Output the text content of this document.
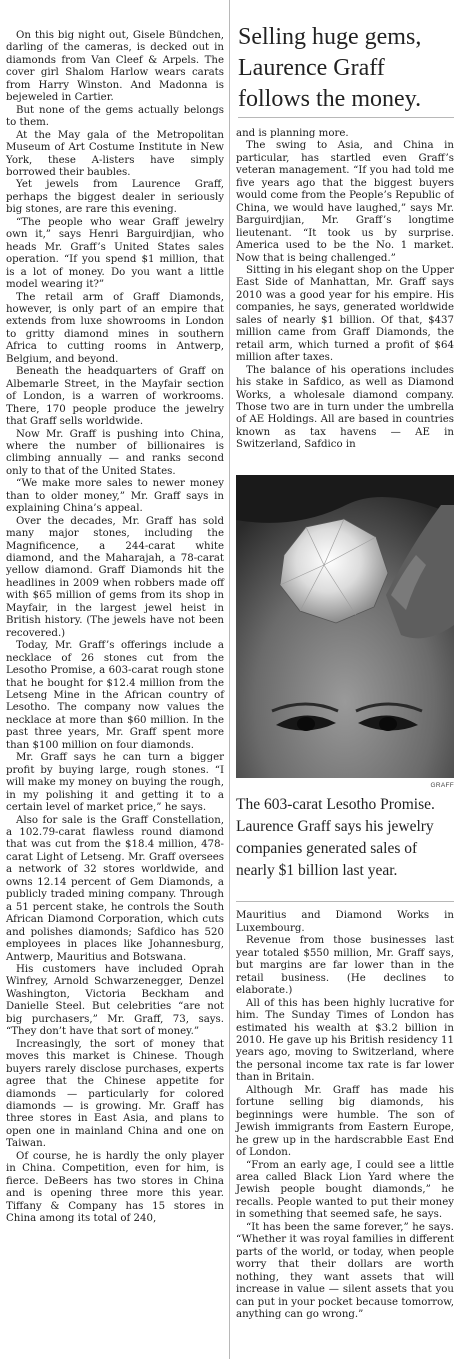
On this big night out, Gisele Bündchen, darling of the cameras, is decked out in diamonds from Van Cleef & Arpels. The cover girl Shalom Harlow wears carats from Harry Winston. And Madonna is bejeweled in Cartier.

But none of the gems actually belongs to them.

At the May gala of the Metropolitan Museum of Art Costume Institute in New York, these A-listers have simply borrowed their baubles.

Yet jewels from Laurence Graff, perhaps the biggest dealer in seriously big stones, are rare this evening.

“The people who wear Graff jewelry own it,” says Henri Barguirdjian, who heads Mr. Graff’s United States sales operation. “If you spend $1 million, that is a lot of money. Do you want a little model wearing it?”

The retail arm of Graff Diamonds, however, is only part of an empire that extends from luxe showrooms in London to gritty diamond mines in southern Africa to cutting rooms in Antwerp, Belgium, and beyond.

Beneath the headquarters of Graff on Albemarle Street, in the Mayfair section of London, is a warren of workrooms. There, 170 people produce the jewelry that Graff sells worldwide.

Now Mr. Graff is pushing into China, where the number of billionaires is climbing annually — and ranks second only to that of the United States.

“We make more sales to newer money than to older money,” Mr. Graff says in explaining China’s appeal.

Over the decades, Mr. Graff has sold many major stones, including the Magnificence, a 244-carat white diamond, and the Maharajah, a 78-carat yellow diamond. Graff Diamonds hit the headlines in 2009 when robbers made off with $65 million of gems from its shop in Mayfair, in the largest jewel heist in British history. (The jewels have not been recovered.)

Today, Mr. Graff’s offerings include a necklace of 26 stones cut from the Lesotho Promise, a 603-carat rough stone that he bought for $12.4 million from the Letseng Mine in the African country of Lesotho. The company now values the necklace at more than $60 million. In the past three years, Mr. Graff spent more than $100 million on four diamonds.

Mr. Graff says he can turn a bigger profit by buying large, rough stones. “I will make my money on buying the rough, in my polishing it and getting it to a certain level of market price,” he says.

Also for sale is the Graff Constellation, a 102.79-carat flawless round diamond that was cut from the $18.4 million, 478-carat Light of Letseng. Mr. Graff oversees a network of 32 stores worldwide, and owns 12.14 percent of Gem Diamonds, a publicly traded mining company. Through a 51 percent stake, he controls the South African Diamond Corporation, which cuts and polishes diamonds; Safdico has 520 employees in places like Johannesburg, Antwerp, Mauritius and Botswana.

His customers have included Oprah Winfrey, Arnold Schwarzenegger, Denzel Washington, Victoria Beckham and Danielle Steel. But celebrities “are not big purchasers,” Mr. Graff, 73, says. “They don’t have that sort of money.”

Increasingly, the sort of money that moves this market is Chinese. Though buyers rarely disclose purchases, experts agree that the Chinese appetite for diamonds — particularly for colored diamonds — is growing. Mr. Graff has three stores in East Asia, and plans to open one in mainland China and one on Taiwan.

Of course, he is hardly the only player in China. Competition, even for him, is fierce. DeBeers has two stores in China and is opening three more this year. Tiffany & Company has 15 stores in China among its total of 240,

Selling huge gems, Laurence Graff follows the money.

and is planning more.

The swing to Asia, and China in particular, has startled even Graff’s veteran management. “If you had told me five years ago that the biggest buyers would come from the People’s Republic of China, we would have laughed,” says Mr. Barguirdjian, Mr. Graff’s longtime lieutenant. “It took us by surprise. America used to be the No. 1 market. Now that is being challenged.”

Sitting in his elegant shop on the Upper East Side of Manhattan, Mr. Graff says 2010 was a good year for his empire. His companies, he says, generated worldwide sales of nearly $1 billion. Of that, $437 million came from Graff Diamonds, the retail arm, which turned a profit of $64 million after taxes.

The balance of his operations includes his stake in Safdico, as well as Diamond Works, a wholesale diamond company. Those two are in turn under the umbrella of AE Holdings. All are based in countries known as tax havens — AE in Switzerland, Safdico in

GRAFF
The 603-carat Lesotho Promise. Laurence Graff says his jewelry companies generated sales of nearly $1 billion last year.

Mauritius and Diamond Works in Luxembourg.

Revenue from those businesses last year totaled $550 million, Mr. Graff says, but margins are far lower than in the retail business. (He declines to elaborate.)

All of this has been highly lucrative for him. The Sunday Times of London has estimated his wealth at $3.2 billion in 2010. He gave up his British residency 11 years ago, moving to Switzerland, where the personal income tax rate is far lower than in Britain.

Although Mr. Graff has made his fortune selling big diamonds, his beginnings were humble. The son of Jewish immigrants from Eastern Europe, he grew up in the hardscrabble East End of London.

“From an early age, I could see a little area called Black Lion Yard where the Jewish people bought diamonds,” he recalls. People wanted to put their money in something that seemed safe, he says.

“It has been the same forever,” he says. “Whether it was royal families in different parts of the world, or today, when people worry that their dollars are worth nothing, they want assets that will increase in value — silent assets that you can put in your pocket because tomorrow, anything can go wrong.”
